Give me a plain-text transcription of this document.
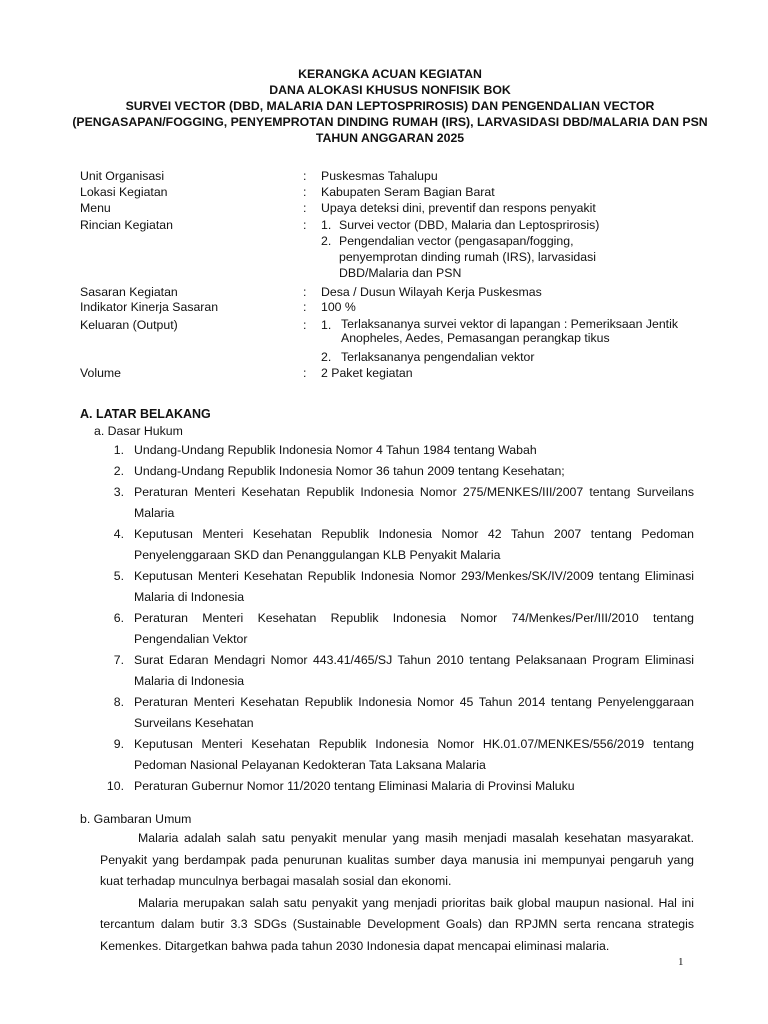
KERANGKA ACUAN KEGIATAN
DANA ALOKASI KHUSUS NONFISIK BOK
SURVEI VECTOR (DBD, MALARIA DAN LEPTOSPRIROSIS) DAN PENGENDALIAN VECTOR
(PENGASAPAN/FOGGING, PENYEMPROTAN DINDING RUMAH (IRS), LARVASIDASI DBD/MALARIA DAN PSN
TAHUN ANGGARAN 2025
Unit Organisasi	: Puskesmas Tahalupu
Lokasi Kegiatan	: Kabupaten Seram Bagian Barat
Menu	: Upaya deteksi dini, preventif dan respons penyakit
Rincian Kegiatan	: 1. Survei vector (DBD, Malaria dan Leptosprirosis)
2. Pengendalian vector (pengasapan/fogging,
penyemprotan dinding rumah (IRS), larvasidasi
DBD/Malaria dan PSN
Sasaran Kegiatan	: Desa / Dusun Wilayah Kerja Puskesmas
Indikator Kinerja Sasaran	: 100 %
Keluaran (Output)	: 1. Terlaksananya survei vektor di lapangan : Pemeriksaan Jentik
Anopheles, Aedes, Pemasangan perangkap tikus
2. Terlaksananya pengendalian vektor
Volume	: 2 Paket kegiatan
A. LATAR BELAKANG
a. Dasar Hukum
1. Undang-Undang Republik Indonesia Nomor 4 Tahun 1984 tentang Wabah
2. Undang-Undang Republik Indonesia Nomor 36 tahun 2009 tentang Kesehatan;
3. Peraturan Menteri Kesehatan Republik Indonesia Nomor 275/MENKES/III/2007 tentang Surveilans Malaria
4. Keputusan Menteri Kesehatan Republik Indonesia Nomor 42 Tahun 2007 tentang Pedoman Penyelenggaraan SKD dan Penanggulangan KLB Penyakit Malaria
5. Keputusan Menteri Kesehatan Republik Indonesia Nomor 293/Menkes/SK/IV/2009 tentang Eliminasi Malaria di Indonesia
6. Peraturan Menteri Kesehatan Republik Indonesia Nomor 74/Menkes/Per/III/2010 tentang Pengendalian Vektor
7. Surat Edaran Mendagri Nomor 443.41/465/SJ Tahun 2010 tentang Pelaksanaan Program Eliminasi Malaria di Indonesia
8. Peraturan Menteri Kesehatan Republik Indonesia Nomor 45 Tahun 2014 tentang Penyelenggaraan Surveilans Kesehatan
9. Keputusan Menteri Kesehatan Republik Indonesia Nomor HK.01.07/MENKES/556/2019 tentang Pedoman Nasional Pelayanan Kedokteran Tata Laksana Malaria
10. Peraturan Gubernur Nomor 11/2020 tentang Eliminasi Malaria di Provinsi Maluku
b. Gambaran Umum

Malaria adalah salah satu penyakit menular yang masih menjadi masalah kesehatan masyarakat. Penyakit yang berdampak pada penurunan kualitas sumber daya manusia ini mempunyai pengaruh yang kuat terhadap munculnya berbagai masalah sosial dan ekonomi.

Malaria merupakan salah satu penyakit yang menjadi prioritas baik global maupun nasional. Hal ini tercantum dalam butir 3.3 SDGs (Sustainable Development Goals) dan RPJMN serta rencana strategis Kemenkes. Ditargetkan bahwa pada tahun 2030 Indonesia dapat mencapai eliminasi malaria.

1
